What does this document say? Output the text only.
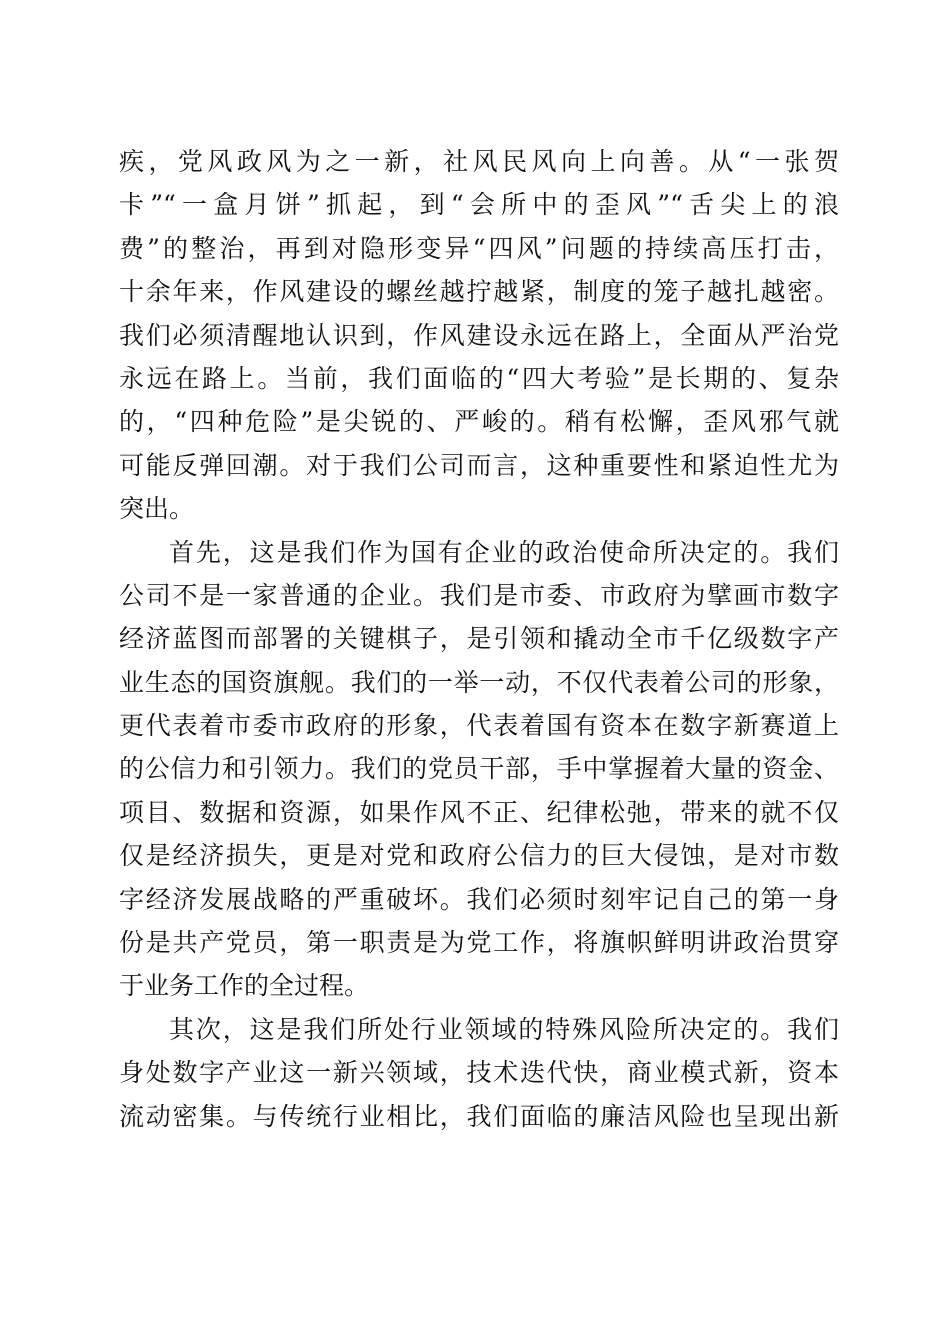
疾，党风政风为之一新，社风民风向上向善。从“一张贺
卡”“一盒月饼”抓起，到“会所中的歪风”“舌尖上的浪
费”的整治，再到对隐形变异“四风”问题的持续高压打击，
十余年来，作风建设的螺丝越拧越紧，制度的笼子越扎越密。
我们必须清醒地认识到，作风建设永远在路上，全面从严治党
永远在路上。当前，我们面临的“四大考验”是长期的、复杂
的，“四种危险”是尖锐的、严峻的。稍有松懈，歪风邪气就
可能反弹回潮。对于我们公司而言，这种重要性和紧迫性尤为
突出。
首先，这是我们作为国有企业的政治使命所决定的。我们
公司不是一家普通的企业。我们是市委、市政府为擘画市数字
经济蓝图而部署的关键棋子，是引领和撬动全市千亿级数字产
业生态的国资旗舰。我们的一举一动，不仅代表着公司的形象，
更代表着市委市政府的形象，代表着国有资本在数字新赛道上
的公信力和引领力。我们的党员干部，手中掌握着大量的资金、
项目、数据和资源，如果作风不正、纪律松弛，带来的就不仅
仅是经济损失，更是对党和政府公信力的巨大侵蚀，是对市数
字经济发展战略的严重破坏。我们必须时刻牢记自己的第一身
份是共产党员，第一职责是为党工作，将旗帜鲜明讲政治贯穿
于业务工作的全过程。
其次，这是我们所处行业领域的特殊风险所决定的。我们
身处数字产业这一新兴领域，技术迭代快，商业模式新，资本
流动密集。与传统行业相比，我们面临的廉洁风险也呈现出新
